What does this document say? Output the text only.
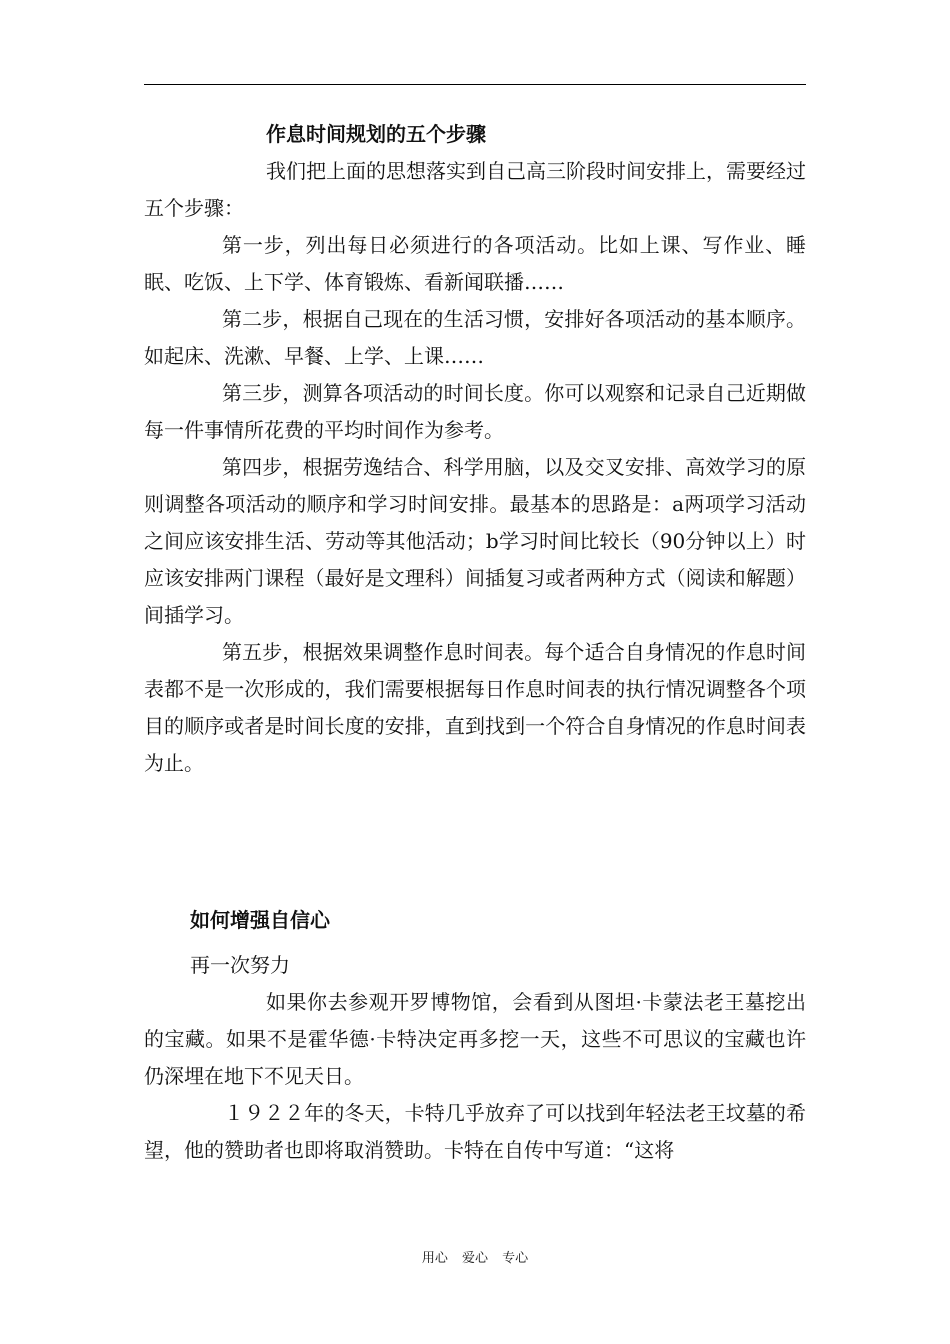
作息时间规划的五个步骤

我们把上面的思想落实到自己高三阶段时间安排上，需要经过五个步骤：

第一步，列出每日必须进行的各项活动。比如上课、写作业、睡眠、吃饭、上下学、体育锻炼、看新闻联播……

第二步，根据自己现在的生活习惯，安排好各项活动的基本顺序。如起床、洗漱、早餐、上学、上课……

第三步，测算各项活动的时间长度。你可以观察和记录自己近期做每一件事情所花费的平均时间作为参考。

第四步，根据劳逸结合、科学用脑，以及交叉安排、高效学习的原则调整各项活动的顺序和学习时间安排。最基本的思路是：a两项学习活动之间应该安排生活、劳动等其他活动；b学习时间比较长（90分钟以上）时应该安排两门课程（最好是文理科）间插复习或者两种方式（阅读和解题）间插学习。

第五步，根据效果调整作息时间表。每个适合自身情况的作息时间表都不是一次形成的，我们需要根据每日作息时间表的执行情况调整各个项目的顺序或者是时间长度的安排，直到找到一个符合自身情况的作息时间表为止。

如何增强自信心

再一次努力

如果你去参观开罗博物馆，会看到从图坦·卡蒙法老王墓挖出的宝藏。如果不是霍华德·卡特决定再多挖一天，这些不可思议的宝藏也许仍深埋在地下不见天日。

１９２２年的冬天，卡特几乎放弃了可以找到年轻法老王坟墓的希望，他的赞助者也即将取消赞助。卡特在自传中写道：“这将

用心 爱心 专心
